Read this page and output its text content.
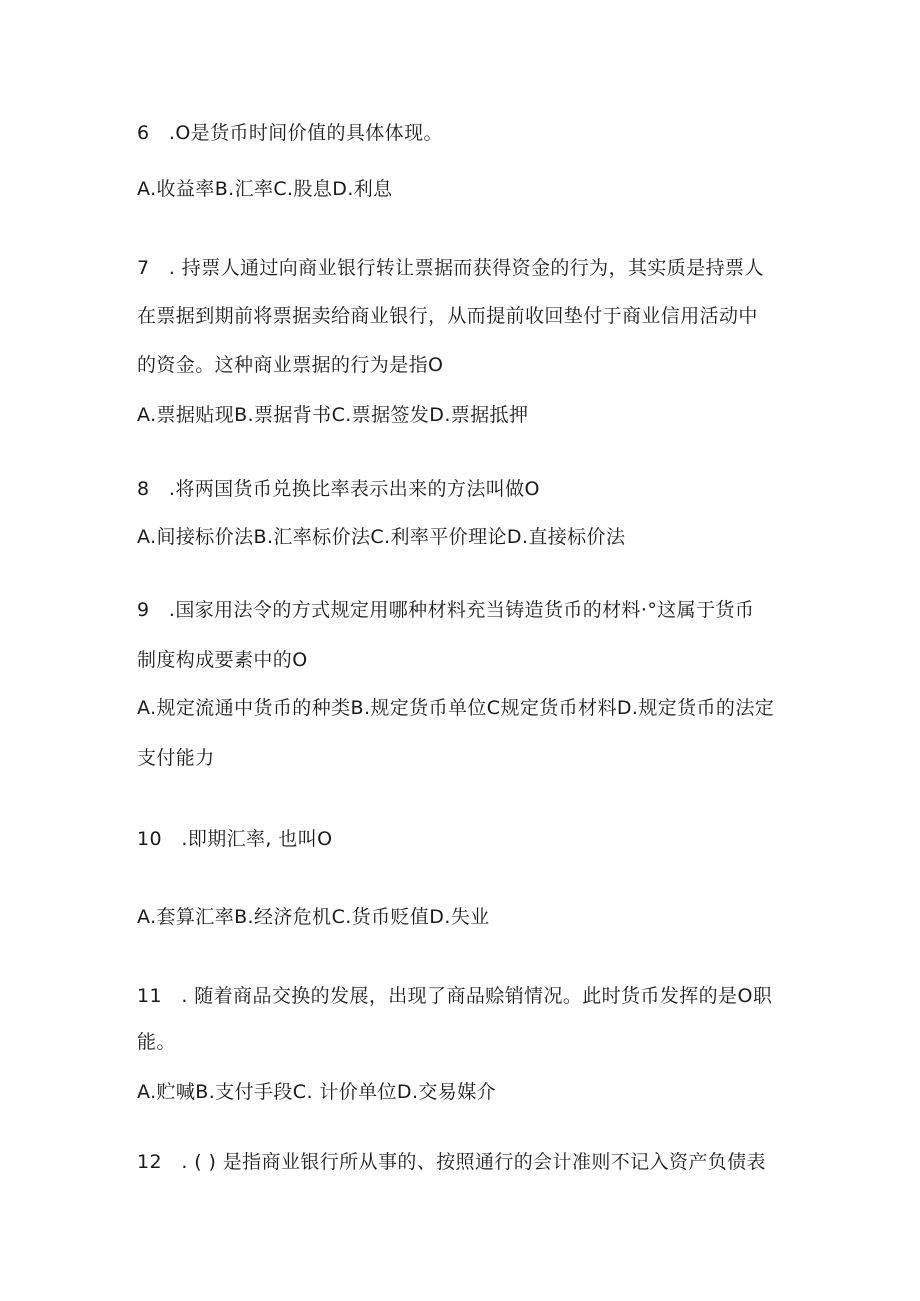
6　.O是货币时间价值的具体体现。
A.收益率B.汇率C.股息D.利息
7　. 持票人通过向商业银行转让票据而获得资金的行为，其实质是持票人
在票据到期前将票据卖给商业银行，从而提前收回垫付于商业信用活动中
的资金。这种商业票据的行为是指O
A.票据贴现B.票据背书C.票据签发D.票据抵押
8　.将两国货币兑换比率表示出来的方法叫做O
A.间接标价法B.汇率标价法C.利率平价理论D.直接标价法
9　.国家用法令的方式规定用哪种材料充当铸造货币的材料·°这属于货币
制度构成要素中的O
A.规定流通中货币的种类B.规定货币单位C规定货币材料D.规定货币的法定
支付能力
10　.即期汇率, 也叫O
A.套算汇率B.经济危机C.货币贬值D.失业
11　. 随着商品交换的发展，出现了商品赊销情况。此时货币发挥的是O职
能。
A.贮喊B.支付手段C. 计价单位D.交易媒介
12　. ( ) 是指商业银行所从事的、按照通行的会计准则不记入资产负债表
